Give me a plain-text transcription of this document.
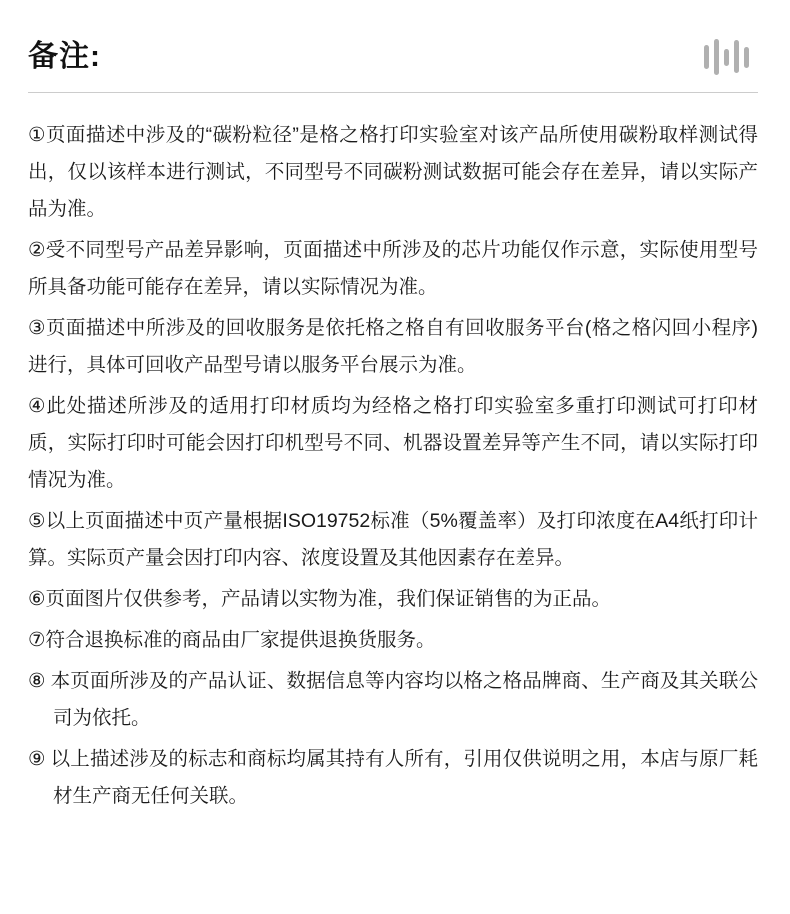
备注:

①页面描述中涉及的“碳粉粒径”是格之格打印实验室对该产品所使用碳粉取样测试得出，仅以该样本进行测试，不同型号不同碳粉测试数据可能会存在差异，请以实际产品为准。

②受不同型号产品差异影响，页面描述中所涉及的芯片功能仅作示意，实际使用型号所具备功能可能存在差异，请以实际情况为准。

③页面描述中所涉及的回收服务是依托格之格自有回收服务平台(格之格闪回小程序)进行，具体可回收产品型号请以服务平台展示为准。

④此处描述所涉及的适用打印材质均为经格之格打印实验室多重打印测试可打印材质，实际打印时可能会因打印机型号不同、机器设置差异等产生不同，请以实际打印情况为准。

⑤以上页面描述中页产量根据ISO19752标准（5%覆盖率）及打印浓度在A4纸打印计算。实际页产量会因打印内容、浓度设置及其他因素存在差异。

⑥页面图片仅供参考，产品请以实物为准，我们保证销售的为正品。

⑦符合退换标准的商品由厂家提供退换货服务。

⑧ 本页面所涉及的产品认证、数据信息等内容均以格之格品牌商、生产商及其关联公司为依托。

⑨ 以上描述涉及的标志和商标均属其持有人所有，引用仅供说明之用，本店与原厂耗材生产商无任何关联。
